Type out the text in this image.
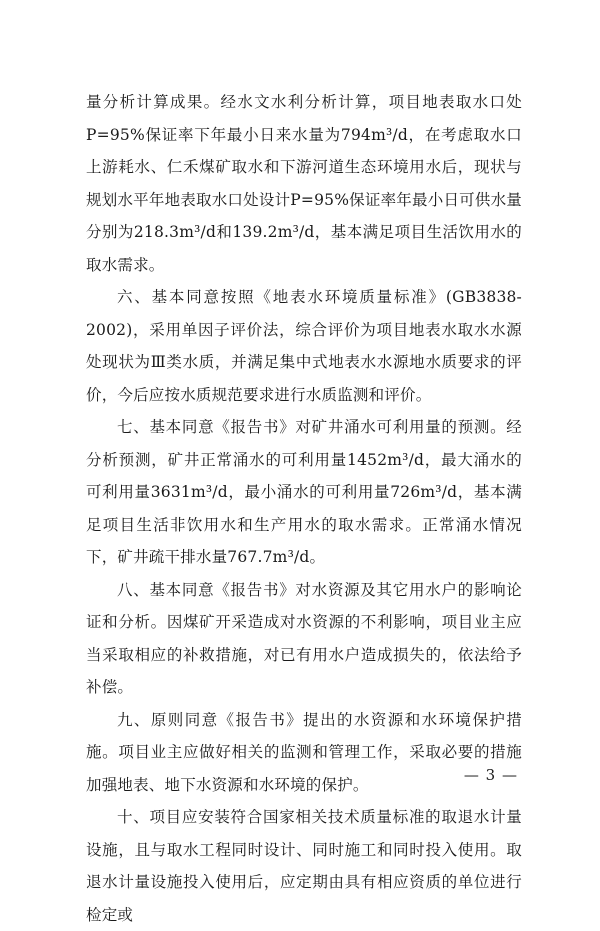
量分析计算成果。经水文水利分析计算，项目地表取水口处P=95%保证率下年最小日来水量为794m³/d，在考虑取水口上游耗水、仁禾煤矿取水和下游河道生态环境用水后，现状与规划水平年地表取水口处设计P=95%保证率年最小日可供水量分别为218.3m³/d和139.2m³/d，基本满足项目生活饮用水的取水需求。

六、基本同意按照《地表水环境质量标准》(GB3838-2002)，采用单因子评价法，综合评价为项目地表水取水水源处现状为Ⅲ类水质，并满足集中式地表水水源地水质要求的评价，今后应按水质规范要求进行水质监测和评价。

七、基本同意《报告书》对矿井涌水可利用量的预测。经分析预测，矿井正常涌水的可利用量1452m³/d，最大涌水的可利用量3631m³/d，最小涌水的可利用量726m³/d，基本满足项目生活非饮用水和生产用水的取水需求。正常涌水情况下，矿井疏干排水量767.7m³/d。

八、基本同意《报告书》对水资源及其它用水户的影响论证和分析。因煤矿开采造成对水资源的不利影响，项目业主应当采取相应的补救措施，对已有用水户造成损失的，依法给予补偿。

九、原则同意《报告书》提出的水资源和水环境保护措施。项目业主应做好相关的监测和管理工作，采取必要的措施加强地表、地下水资源和水环境的保护。

十、项目应安装符合国家相关技术质量标准的取退水计量设施，且与取水工程同时设计、同时施工和同时投入使用。取退水计量设施投入使用后，应定期由具有相应资质的单位进行检定或

— 3 —
